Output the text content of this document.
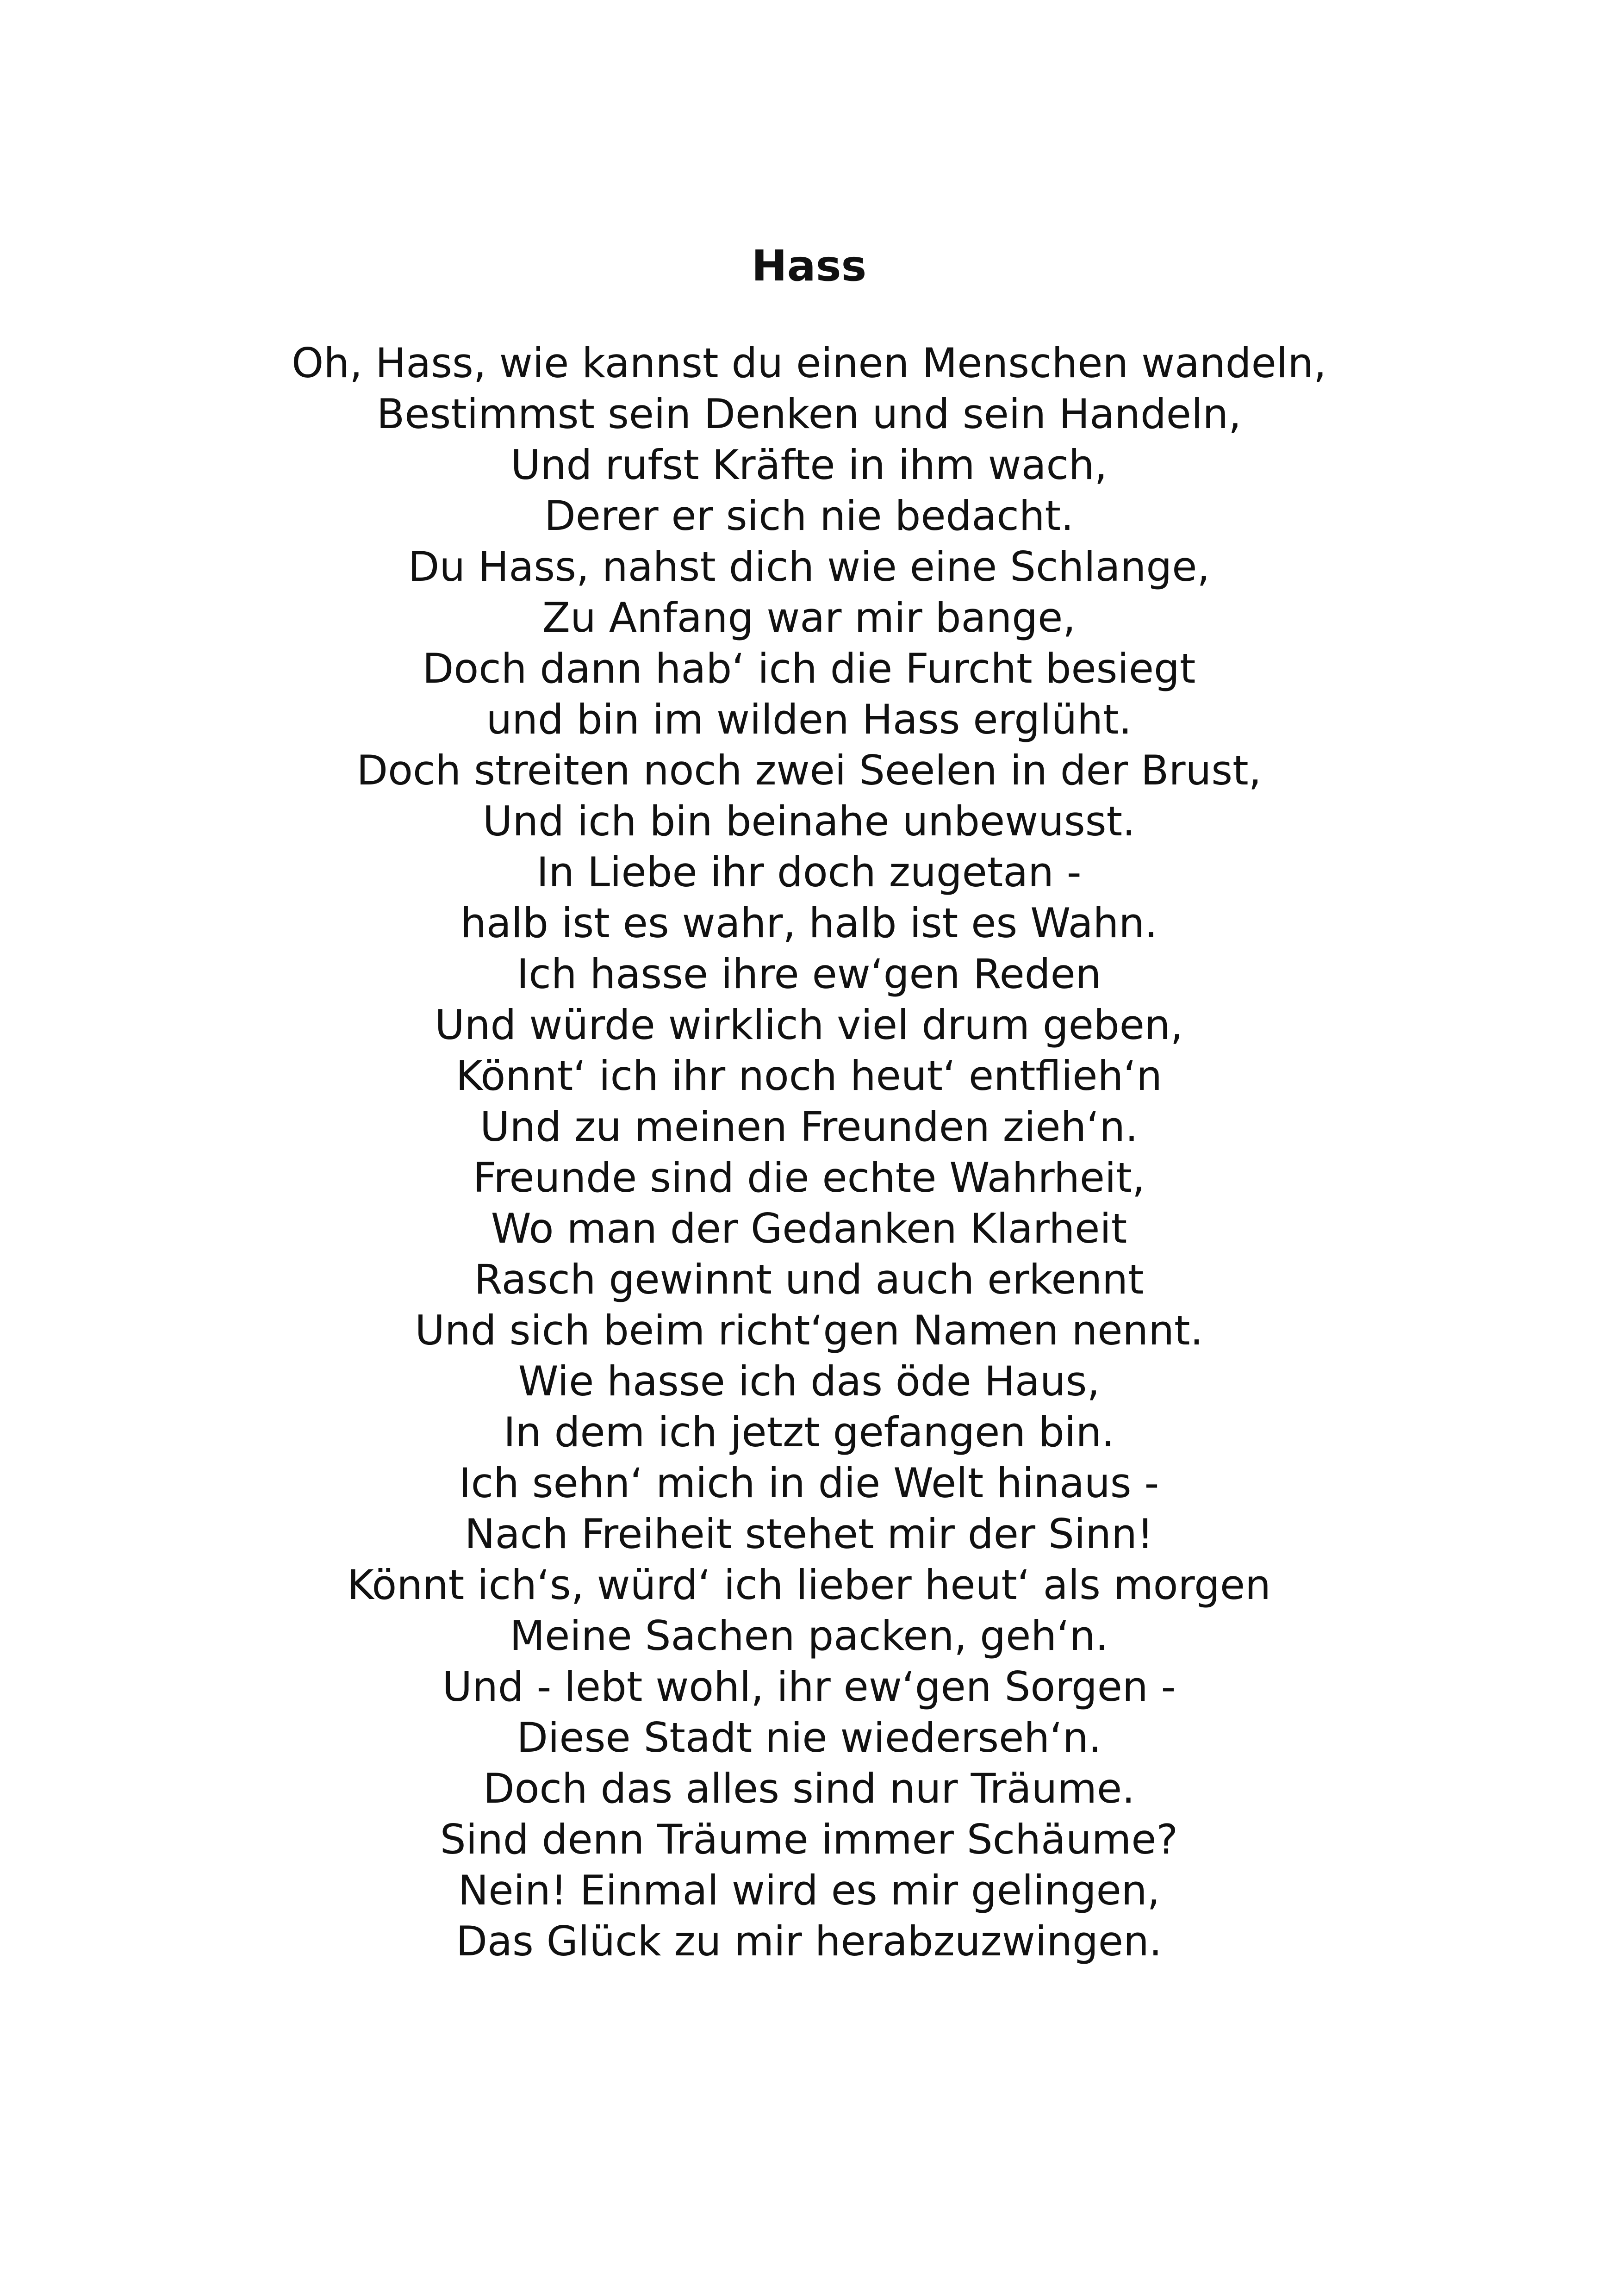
Hass
Oh, Hass, wie kannst du einen Menschen wandeln,
Bestimmst sein Denken und sein Handeln,
Und rufst Kräfte in ihm wach,
Derer er sich nie bedacht.
Du Hass, nahst dich wie eine Schlange,
Zu Anfang war mir bange,
Doch dann hab‘ ich die Furcht besiegt
und bin im wilden Hass erglüht.
Doch streiten noch zwei Seelen in der Brust,
Und ich bin beinahe unbewusst.
In Liebe ihr doch zugetan -
halb ist es wahr, halb ist es Wahn.
Ich hasse ihre ew‘gen Reden
Und würde wirklich viel drum geben,
Könnt‘ ich ihr noch heut‘ entflieh‘n
Und zu meinen Freunden zieh‘n.
Freunde sind die echte Wahrheit,
Wo man der Gedanken Klarheit
Rasch gewinnt und auch erkennt
Und sich beim richt‘gen Namen nennt.
Wie hasse ich das öde Haus,
In dem ich jetzt gefangen bin.
Ich sehn‘ mich in die Welt hinaus -
Nach Freiheit stehet mir der Sinn!
Könnt ich‘s, würd‘ ich lieber heut‘ als morgen
Meine Sachen packen, geh‘n.
Und - lebt wohl, ihr ew‘gen Sorgen -
Diese Stadt nie wiederseh‘n.
Doch das alles sind nur Träume.
Sind denn Träume immer Schäume?
Nein! Einmal wird es mir gelingen,
Das Glück zu mir herabzuzwingen.
